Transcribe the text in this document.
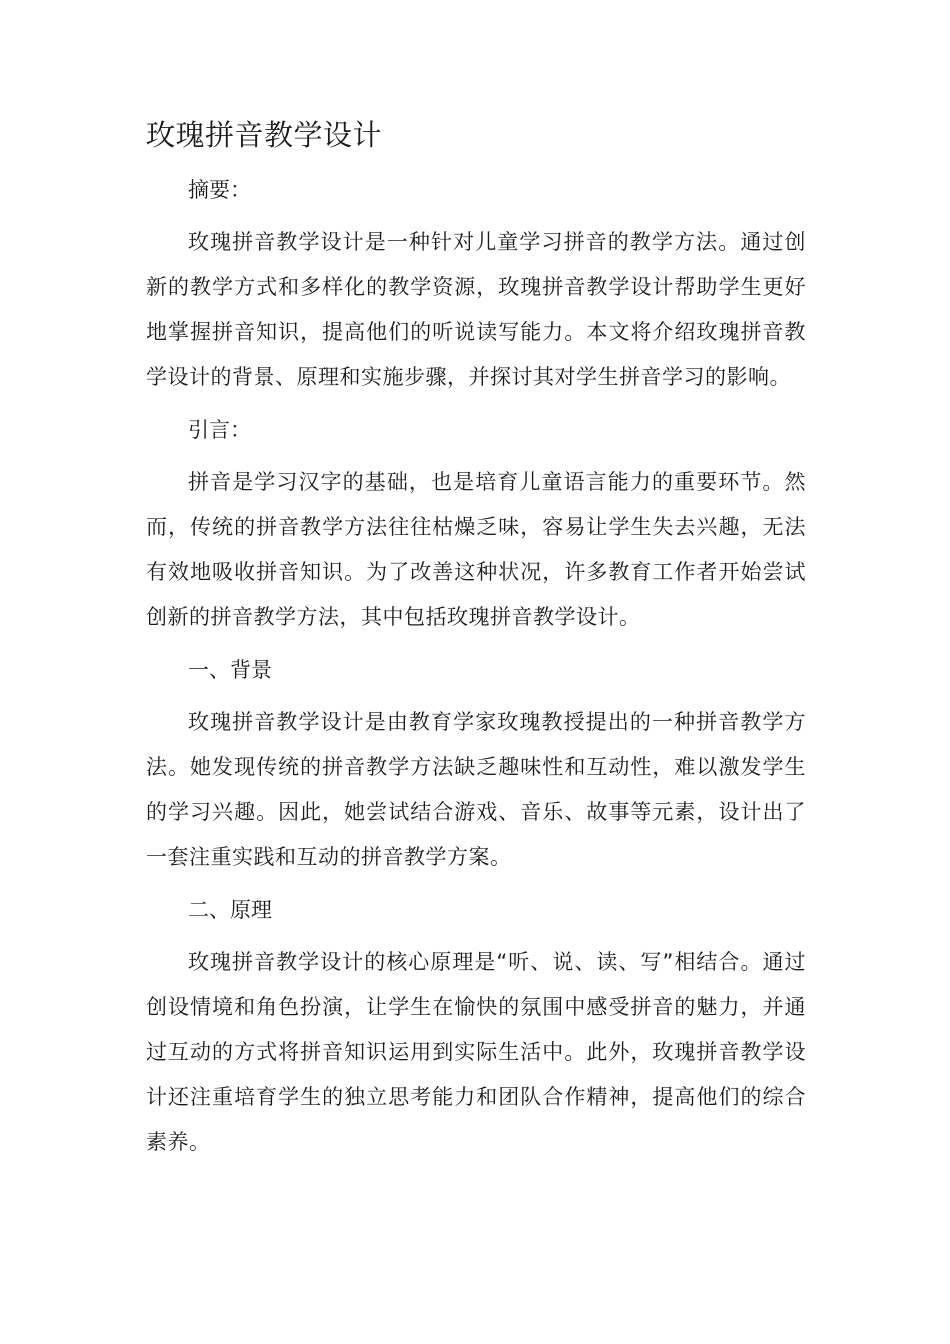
玫瑰拼音教学设计
摘要：

玫瑰拼音教学设计是一种针对儿童学习拼音的教学方法。通过创新的教学方式和多样化的教学资源，玫瑰拼音教学设计帮助学生更好地掌握拼音知识，提高他们的听说读写能力。本文将介绍玫瑰拼音教学设计的背景、原理和实施步骤，并探讨其对学生拼音学习的影响。

引言：

拼音是学习汉字的基础，也是培育儿童语言能力的重要环节。然而，传统的拼音教学方法往往枯燥乏味，容易让学生失去兴趣，无法有效地吸收拼音知识。为了改善这种状况，许多教育工作者开始尝试创新的拼音教学方法，其中包括玫瑰拼音教学设计。

一、背景

玫瑰拼音教学设计是由教育学家玫瑰教授提出的一种拼音教学方法。她发现传统的拼音教学方法缺乏趣味性和互动性，难以激发学生的学习兴趣。因此，她尝试结合游戏、音乐、故事等元素，设计出了一套注重实践和互动的拼音教学方案。

二、原理

玫瑰拼音教学设计的核心原理是“听、说、读、写”相结合。通过创设情境和角色扮演，让学生在愉快的氛围中感受拼音的魅力，并通过互动的方式将拼音知识运用到实际生活中。此外，玫瑰拼音教学设计还注重培育学生的独立思考能力和团队合作精神，提高他们的综合素养。
